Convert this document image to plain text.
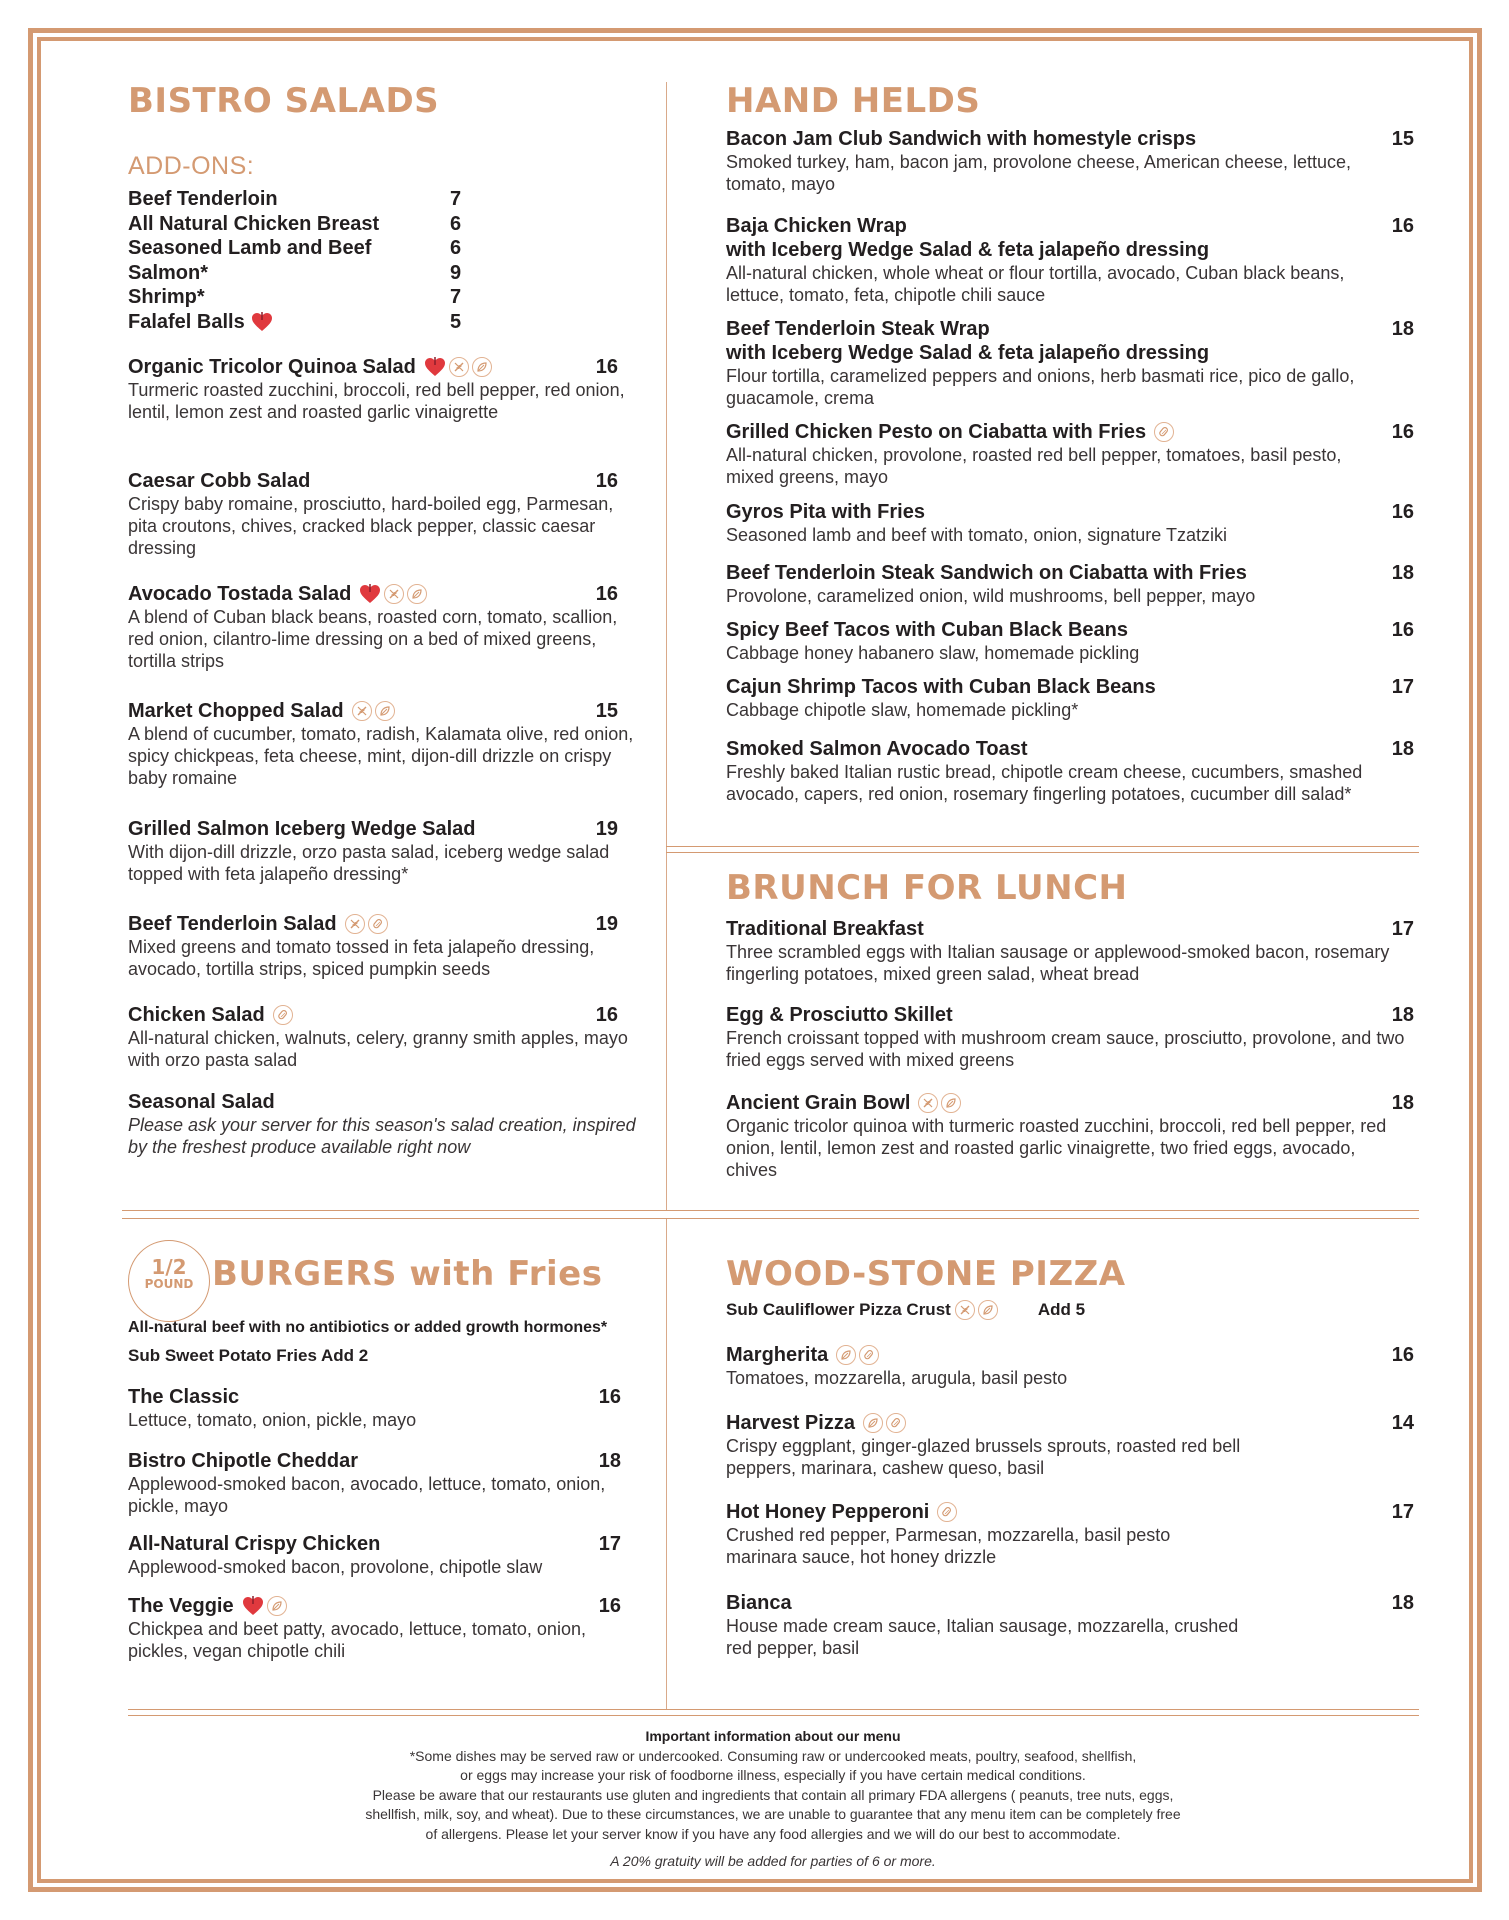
BISTRO SALADS
ADD-ONS:
Beef Tenderloin	7
All Natural Chicken Breast	6
Seasoned Lamb and Beef	6
Salmon*	9
Shrimp*	7
Falafel Balls	5
Organic Tricolor Quinoa Salad	16
Turmeric roasted zucchini, broccoli, red bell pepper, red onion, lentil, lemon zest and roasted garlic vinaigrette
Caesar Cobb Salad	16
Crispy baby romaine, prosciutto, hard-boiled egg, Parmesan, pita croutons, chives, cracked black pepper, classic caesar dressing
Avocado Tostada Salad	16
A blend of Cuban black beans, roasted corn, tomato, scallion, red onion, cilantro-lime dressing on a bed of mixed greens, tortilla strips
Market Chopped Salad	15
A blend of cucumber, tomato, radish, Kalamata olive, red onion, spicy chickpeas, feta cheese, mint, dijon-dill drizzle on crispy baby romaine
Grilled Salmon Iceberg Wedge Salad	19
With dijon-dill drizzle, orzo pasta salad, iceberg wedge salad topped with feta jalapeño dressing*
Beef Tenderloin Salad	19
Mixed greens and tomato tossed in feta jalapeño dressing, avocado, tortilla strips, spiced pumpkin seeds
Chicken Salad	16
All-natural chicken, walnuts, celery, granny smith apples, mayo with orzo pasta salad
Seasonal Salad
Please ask your server for this season's salad creation, inspired by the freshest produce available right now
HAND HELDS
Bacon Jam Club Sandwich with homestyle crisps	15
Smoked turkey, ham, bacon jam, provolone cheese, American cheese, lettuce, tomato, mayo
Baja Chicken Wrap	16
with Iceberg Wedge Salad & feta jalapeño dressing
All-natural chicken, whole wheat or flour tortilla, avocado, Cuban black beans, lettuce, tomato, feta, chipotle chili sauce
Beef Tenderloin Steak Wrap	18
with Iceberg Wedge Salad & feta jalapeño dressing
Flour tortilla, caramelized peppers and onions, herb basmati rice, pico de gallo, guacamole, crema
Grilled Chicken Pesto on Ciabatta with Fries	16
All-natural chicken, provolone, roasted red bell pepper, tomatoes, basil pesto, mixed greens, mayo
Gyros Pita with Fries	16
Seasoned lamb and beef with tomato, onion, signature Tzatziki
Beef Tenderloin Steak Sandwich on Ciabatta with Fries	18
Provolone, caramelized onion, wild mushrooms, bell pepper, mayo
Spicy Beef Tacos with Cuban Black Beans	16
Cabbage honey habanero slaw, homemade pickling
Cajun Shrimp Tacos with Cuban Black Beans	17
Cabbage chipotle slaw, homemade pickling*
Smoked Salmon Avocado Toast	18
Freshly baked Italian rustic bread, chipotle cream cheese, cucumbers, smashed avocado, capers, red onion, rosemary fingerling potatoes, cucumber dill salad*
BRUNCH FOR LUNCH
Traditional Breakfast	17
Three scrambled eggs with Italian sausage or applewood-smoked bacon, rosemary fingerling potatoes, mixed green salad, wheat bread
Egg & Prosciutto Skillet	18
French croissant topped with mushroom cream sauce, prosciutto, provolone, and two fried eggs served with mixed greens
Ancient Grain Bowl	18
Organic tricolor quinoa with turmeric roasted zucchini, broccoli, red bell pepper, red onion, lentil, lemon zest and roasted garlic vinaigrette, two fried eggs, avocado, chives
1/2
POUND BURGERS with Fries
All-natural beef with no antibiotics or added growth hormones*
Sub Sweet Potato Fries Add 2
The Classic	16
Lettuce, tomato, onion, pickle, mayo
Bistro Chipotle Cheddar	18
Applewood-smoked bacon, avocado, lettuce, tomato, onion, pickle, mayo
All-Natural Crispy Chicken	17
Applewood-smoked bacon, provolone, chipotle slaw
The Veggie	16
Chickpea and beet patty, avocado, lettuce, tomato, onion, pickles, vegan chipotle chili
WOOD-STONE PIZZA
Sub Cauliflower Pizza Crust	Add 5
Margherita	16
Tomatoes, mozzarella, arugula, basil pesto
Harvest Pizza	14
Crispy eggplant, ginger-glazed brussels sprouts, roasted red bell peppers, marinara, cashew queso, basil
Hot Honey Pepperoni	17
Crushed red pepper, Parmesan, mozzarella, basil pesto marinara sauce, hot honey drizzle
Bianca	18
House made cream sauce, Italian sausage, mozzarella, crushed red pepper, basil
Important information about our menu
*Some dishes may be served raw or undercooked. Consuming raw or undercooked meats, poultry, seafood, shellfish,
or eggs may increase your risk of foodborne illness, especially if you have certain medical conditions.
Please be aware that our restaurants use gluten and ingredients that contain all primary FDA allergens ( peanuts, tree nuts, eggs,
shellfish, milk, soy, and wheat). Due to these circumstances, we are unable to guarantee that any menu item can be completely free
of allergens. Please let your server know if you have any food allergies and we will do our best to accommodate.
A 20% gratuity will be added for parties of 6 or more.
